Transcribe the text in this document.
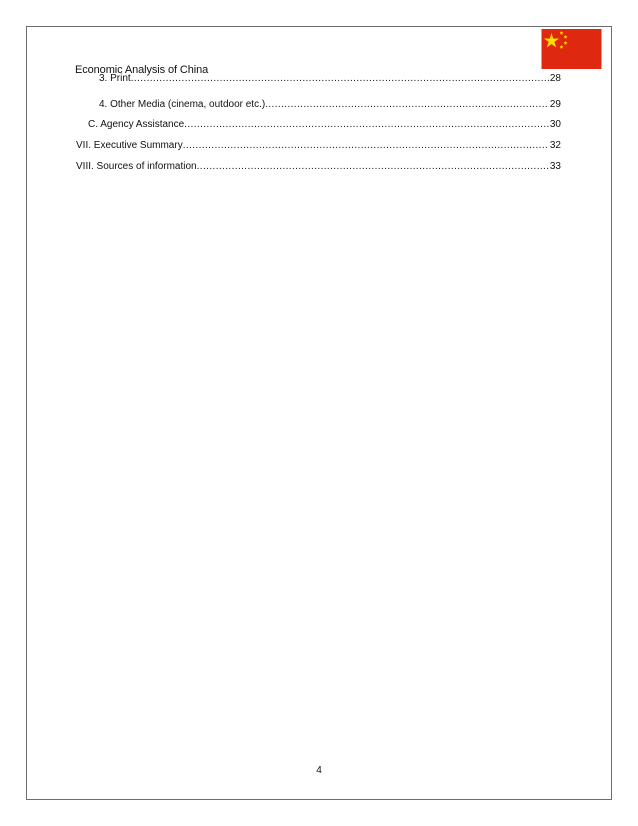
Economic Analysis of China
3. Print .....	28
4. Other Media (cinema, outdoor etc.) .....	29
C. Agency Assistance .....	30
VII. Executive Summary .....	32
VIII. Sources of information .....	33
4
